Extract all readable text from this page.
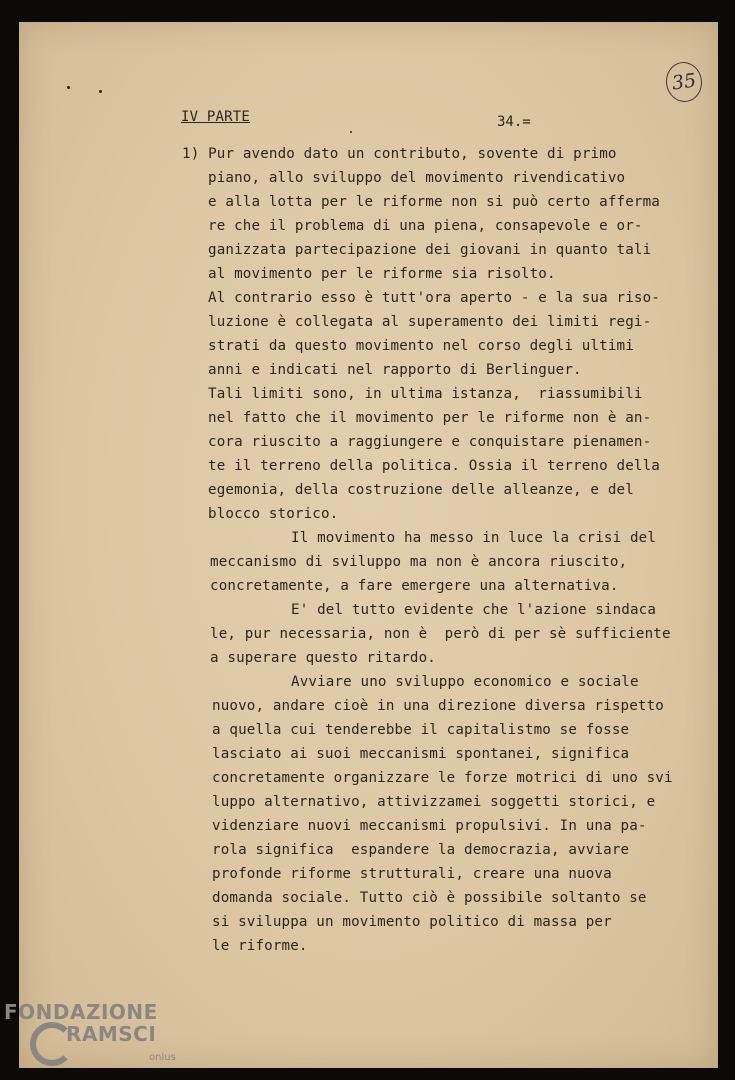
35
IV PARTE	34.=
1) Pur avendo dato un contributo, sovente di primo
piano, allo sviluppo del movimento rivendicativo
e alla lotta per le riforme non si può certo afferma
re che il problema di una piena, consapevole e or-
ganizzata partecipazione dei giovani in quanto tali
al movimento per le riforme sia risolto.
Al contrario esso è tutt'ora aperto - e la sua riso-
luzione è collegata al superamento dei limiti regi-
strati da questo movimento nel corso degli ultimi
anni e indicati nel rapporto di Berlinguer.
Tali limiti sono, in ultima istanza,  riassumibili
nel fatto che il movimento per le riforme non è an-
cora riuscito a raggiungere e conquistare pienamen-
te il terreno della politica. Ossia il terreno della
egemonia, della costruzione delle alleanze, e del
blocco storico.
Il movimento ha messo in luce la crisi del
meccanismo di sviluppo ma non è ancora riuscito,
concretamente, a fare emergere una alternativa.
E' del tutto evidente che l'azione sindaca
le, pur necessaria, non è  però di per sè sufficiente
a superare questo ritardo.
Avviare uno sviluppo economico e sociale
nuovo, andare cioè in una direzione diversa rispetto
a quella cui tenderebbe il capitalistmo se fosse
lasciato ai suoi meccanismi spontanei, significa
concretamente organizzare le forze motrici di uno svi
luppo alternativo, attivizzamei soggetti storici, e
videnziare nuovi meccanismi propulsivi. In una pa-
rola significa  espandere la democrazia, avviare
profonde riforme strutturali, creare una nuova
domanda sociale. Tutto ciò è possibile soltanto se
si sviluppa un movimento politico di massa per
le riforme.
FONDAZIONE
RAMSCI
onlus
